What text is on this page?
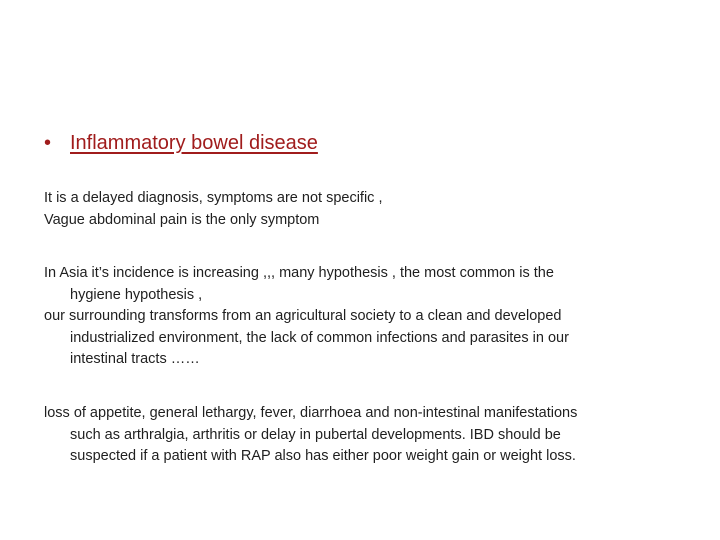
• Inflammatory bowel disease
It is a delayed diagnosis, symptoms are not specific ,
Vague abdominal pain is the only symptom
In Asia it’s incidence is increasing ,,, many hypothesis , the most common is the
hygiene hypothesis ,
our surrounding transforms from an agricultural society to a clean and developed
industrialized environment, the lack of common infections and parasites in our
intestinal tracts ……
loss of appetite, general lethargy, fever, diarrhoea and non-intestinal manifestations
such as arthralgia, arthritis or delay in pubertal developments. IBD should be
suspected if a patient with RAP also has either poor weight gain or weight loss.
